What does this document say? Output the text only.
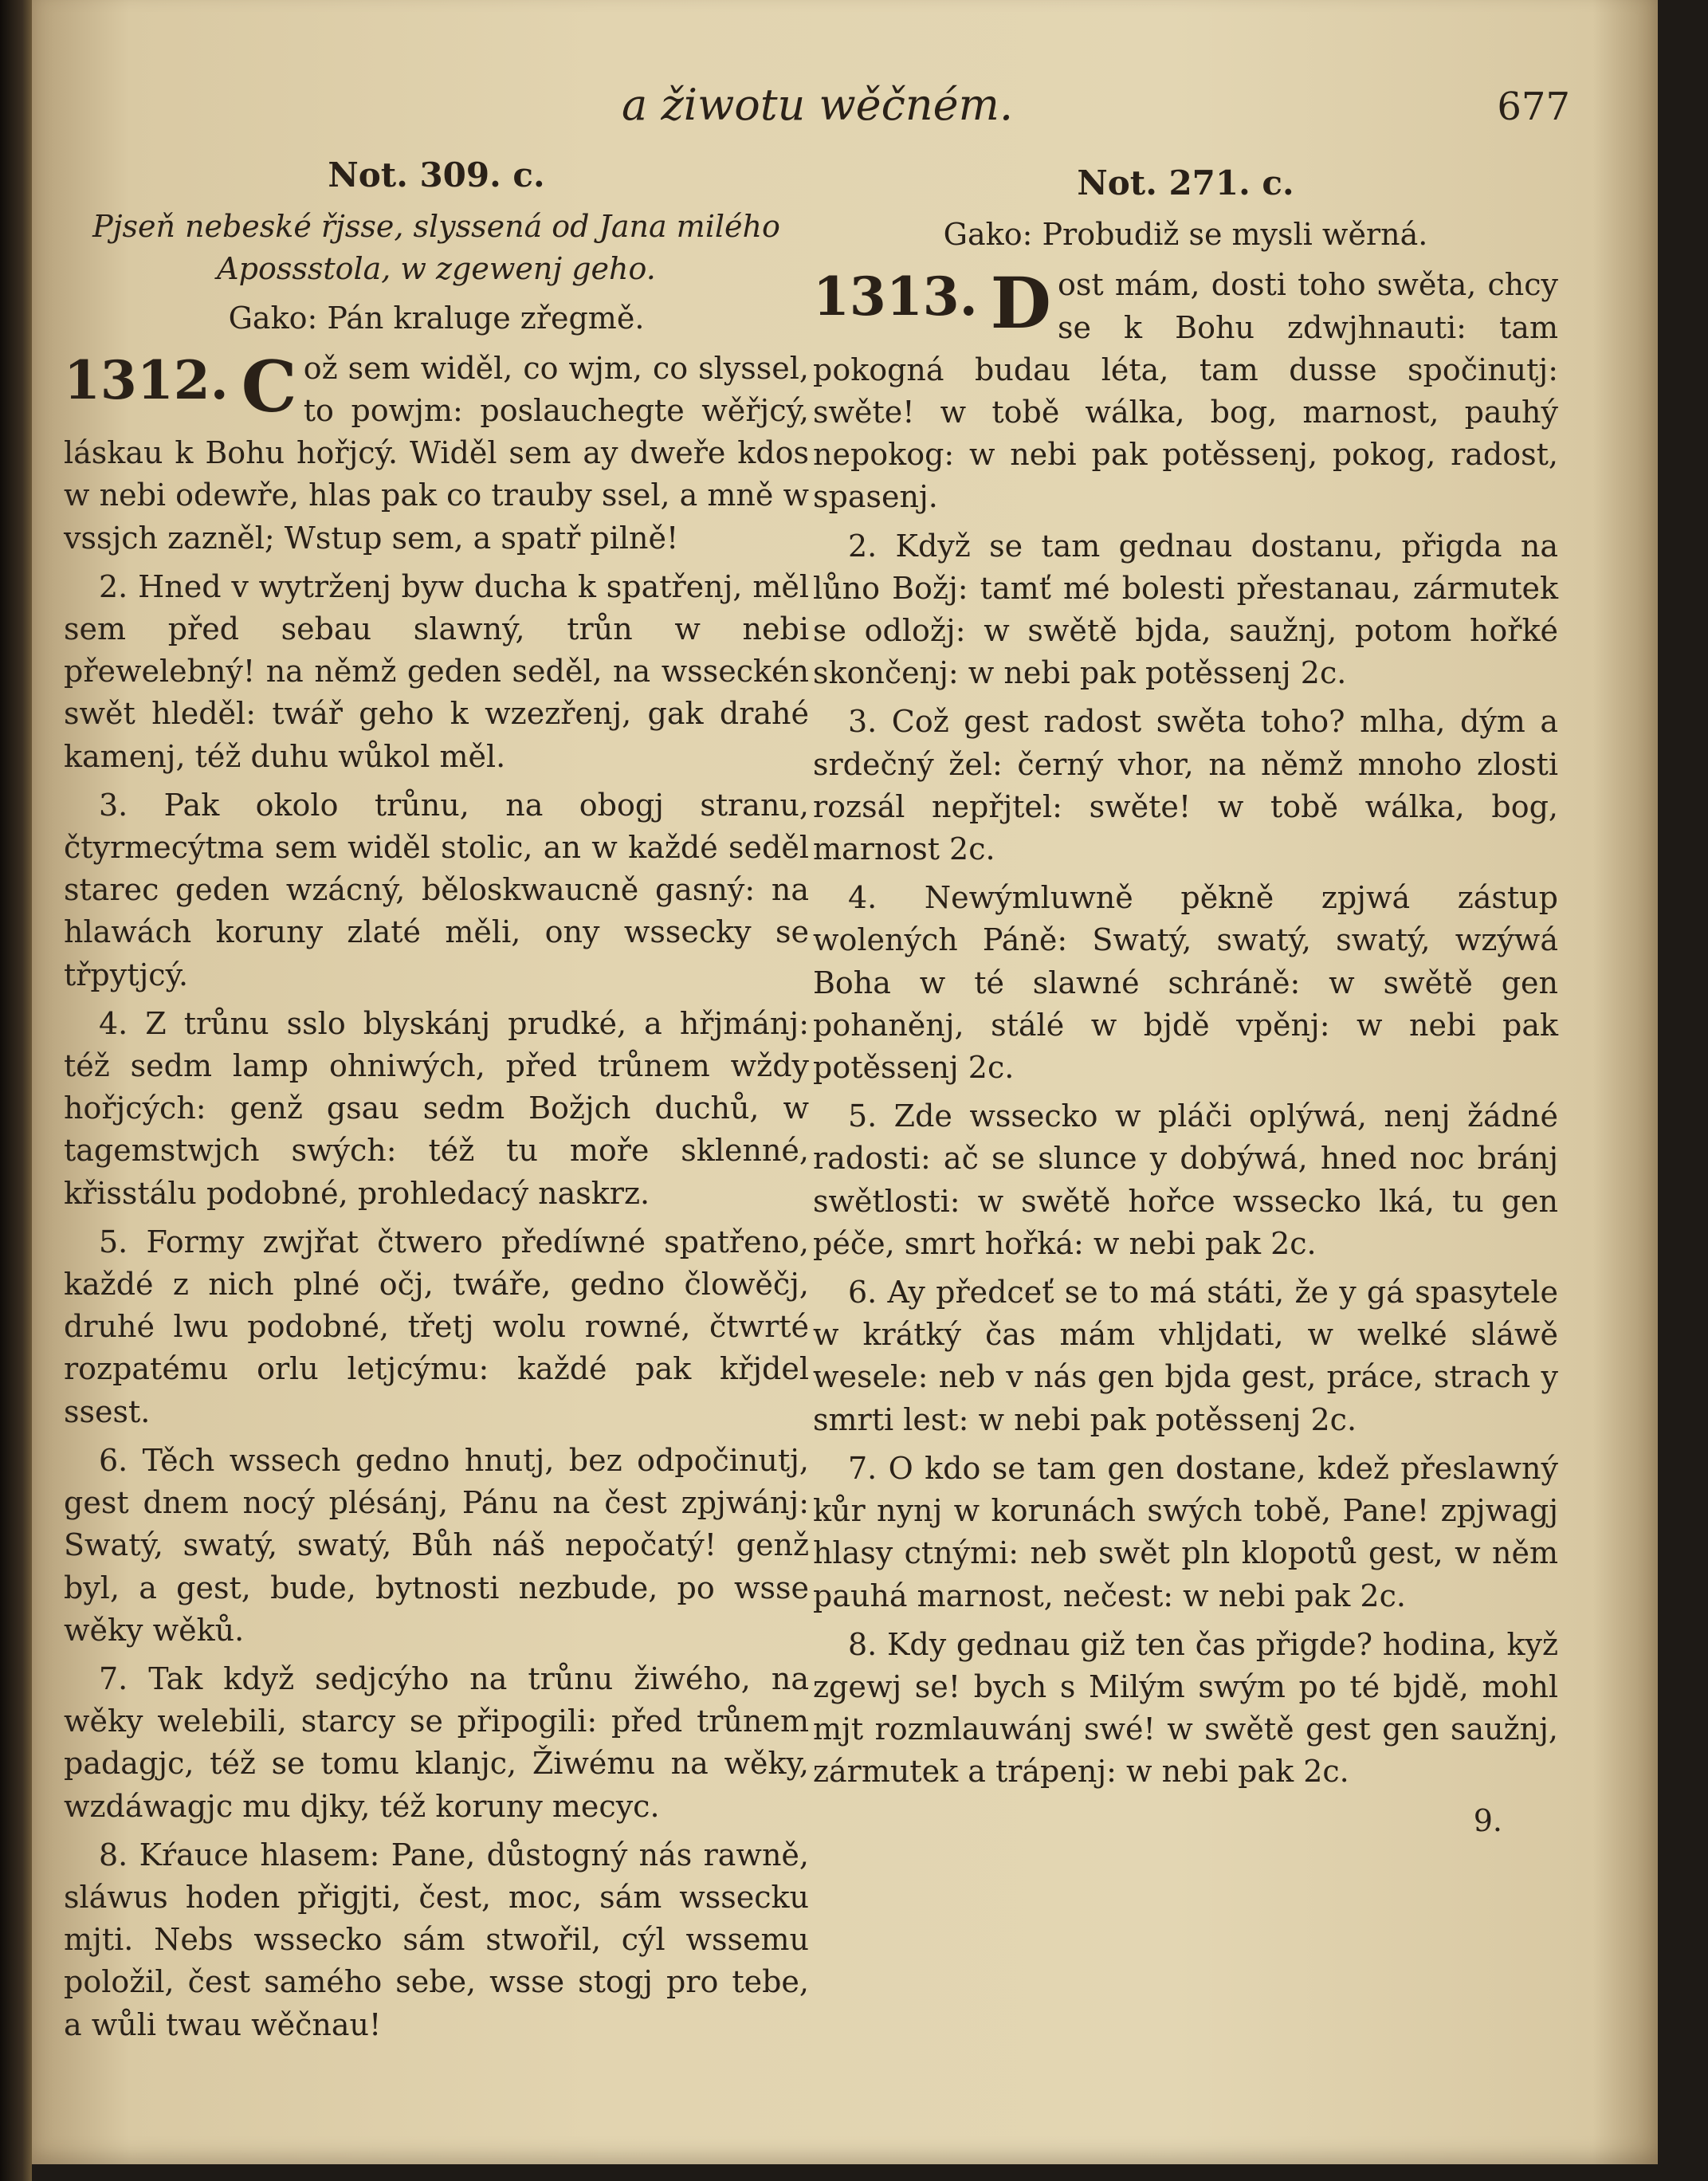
a žiwotu wěčném.	677
Not. 309. c.
Pjseň nebeské řjsse, slyssená od Jana milého Apossstola, w zgewenj geho.
Gako: Pán kraluge zřegmě.
1312. C ož sem widěl, co wjm, co slyssel, to powjm: poslauchegte wěřjcý, láskau k Bohu hořjcý. Widěl sem ay dweře kdos w nebi odewře, hlas pak co trauby ssel, a mně w vssjch zazněl; Wstup sem, a spatř pilně!

2. Hned v wytrženj byw ducha k spatřenj, měl sem před sebau slawný, trůn w nebi přewelebný! na němž geden seděl, na wsseckén swět hleděl: twář geho k wzezřenj, gak drahé kamenj, též duhu wůkol měl.

3. Pak okolo trůnu, na obogj stranu, čtyrmecýtma sem widěl stolic, an w každé seděl starec geden wzácný, běloskwaucně gasný: na hlawách koruny zlaté měli, ony wssecky se třpytjcý.

4. Z trůnu sslo blyskánj prudké, a hřjmánj: též sedm lamp ohniwých, před trůnem wždy hořjcých: genž gsau sedm Božjch duchů, w tagemstwjch swých: též tu moře sklenné, křisstálu podobné, prohledacý naskrz.

5. Formy zwjřat čtwero předíwné spatřeno, každé z nich plné očj, twáře, gedno člowěčj, druhé lwu podobné, třetj wolu rowné, čtwrté rozpatému orlu letjcýmu: každé pak křjdel ssest.

6. Těch wssech gedno hnutj, bez odpočinutj, gest dnem nocý plésánj, Pánu na čest zpjwánj: Swatý, swatý, swatý, Bůh náš nepočatý! genž byl, a gest, bude, bytnosti nezbude, po wsse wěky wěků.

7. Tak když sedjcýho na trůnu žiwého, na wěky welebili, starcy se připogili: před trůnem padagjc, též se tomu klanjc, Žiwému na wěky, wzdáwagjc mu djky, též koruny mecyc.

8. Kŕauce hlasem: Pane, důstogný nás rawně, sláwus hoden přigjti, čest, moc, sám wssecku mjti. Nebs wsseckо sám stwořil, cýl wssemu položil, čest samého sebe, wsse stogj pro tebe, a wůli twau wěčnau!

Not. 271. c.
Gako: Probudiž se mysli wěrná.
1313. D ost mám, dosti toho swěta, chcy se k Bohu zdwjhnauti: tam pokogná budau léta, tam dusse spočinutj: swěte! w tobě wálka, bog, marnost, pauhý nepokog: w nebi pak potěssenj, pokog, radost, spasenj.

2. Když se tam gednau dostanu, přigda na lůno Božj: tamť mé bolesti přestanau, zármutek se odložj: w swětě bjda, saužnj, potom hořké skončenj: w nebi pak potěssenj 2c.

3. Což gest radost swěta toho? mlha, dým a srdečný žel: černý vhor, na němž mnoho zlosti rozsál nepřjtel: swěte! w tobě wálka, bog, marnost 2c.

4. Newýmluwně pěkně zpjwá zástup wolených Páně: Swatý, swatý, swatý, wzýwá Boha w té slawné schráně: w swětě gen pohaněnj, stálé w bjdě vpěnj: w nebi pak potěssenj 2c.

5. Zde wssecko w pláči oplýwá, nenj žádné radosti: ač se slunce y dobýwá, hned noc bránj swětlosti: w swětě hořce wssecko lká, tu gen péče, smrt hořká: w nebi pak 2c.

6. Ay předceť se to má státi, že y gá spasytele w krátký čas mám vhljdati, w welké sláwě wesele: neb v nás gen bjda gest, práce, strach y smrti lest: w nebi pak potěssenj 2c.

7. O kdo se tam gen dostane, kdež přeslawný kůr nynj w korunách swých tobě, Pane! zpjwagj hlasy ctnými: neb swět pln klopotů gest, w něm pauhá marnost, nečest: w nebi pak 2c.

8. Kdy gednau giž ten čas přigde? hodina, kyž zgewj se! bych s Milým swým po té bjdě, mohl mjt rozmlauwánj swé! w swětě gest gen saužnj, zármutek a trápenj: w nebi pak 2c.

9.
